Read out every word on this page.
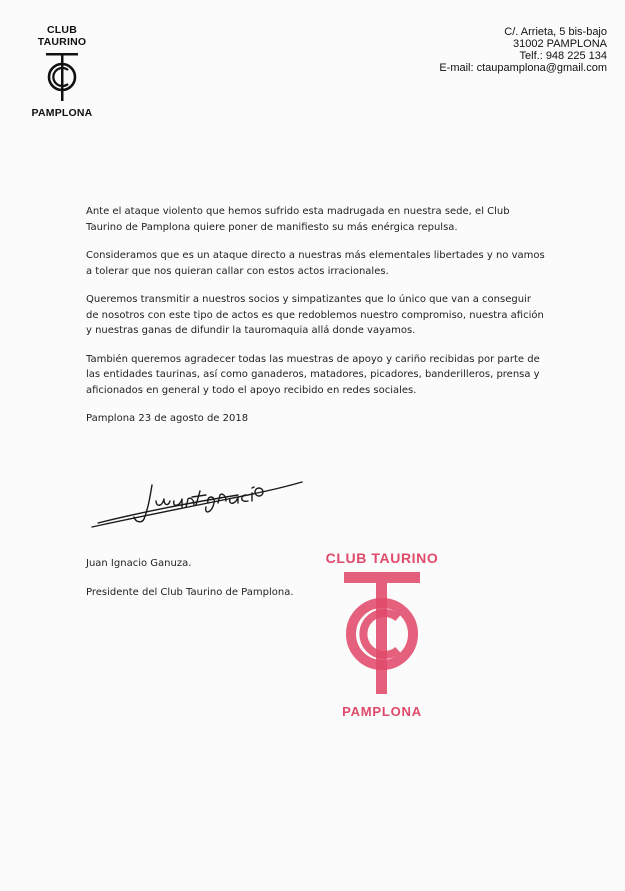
CLUB TAURINO
PAMPLONA
C/. Arrieta, 5 bis-bajo
31002 PAMPLONA
Telf.: 948 225 134
E-mail: ctaupamplona@gmail.com

Ante el ataque violento que hemos sufrido esta madrugada en nuestra sede, el Club Taurino de Pamplona quiere poner de manifiesto su más enérgica repulsa.

Consideramos que es un ataque directo a nuestras más elementales libertades y no vamos a tolerar que nos quieran callar con estos actos irracionales.

Queremos transmitir a nuestros socios y simpatizantes que lo único que van a conseguir de nosotros con este tipo de actos es que redoblemos nuestro compromiso, nuestra afición y nuestras ganas de difundir la tauromaquia allá donde vayamos.

También queremos agradecer todas las muestras de apoyo y cariño recibidas por parte de las entidades taurinas, así como ganaderos, matadores, picadores, banderilleros, prensa y aficionados en general y todo el apoyo recibido en redes sociales.

Pamplona 23 de agosto de 2018

Juan Ignacio Ganuza.
Presidente del Club Taurino de Pamplona.
CLUB TAURINO
PAMPLONA
